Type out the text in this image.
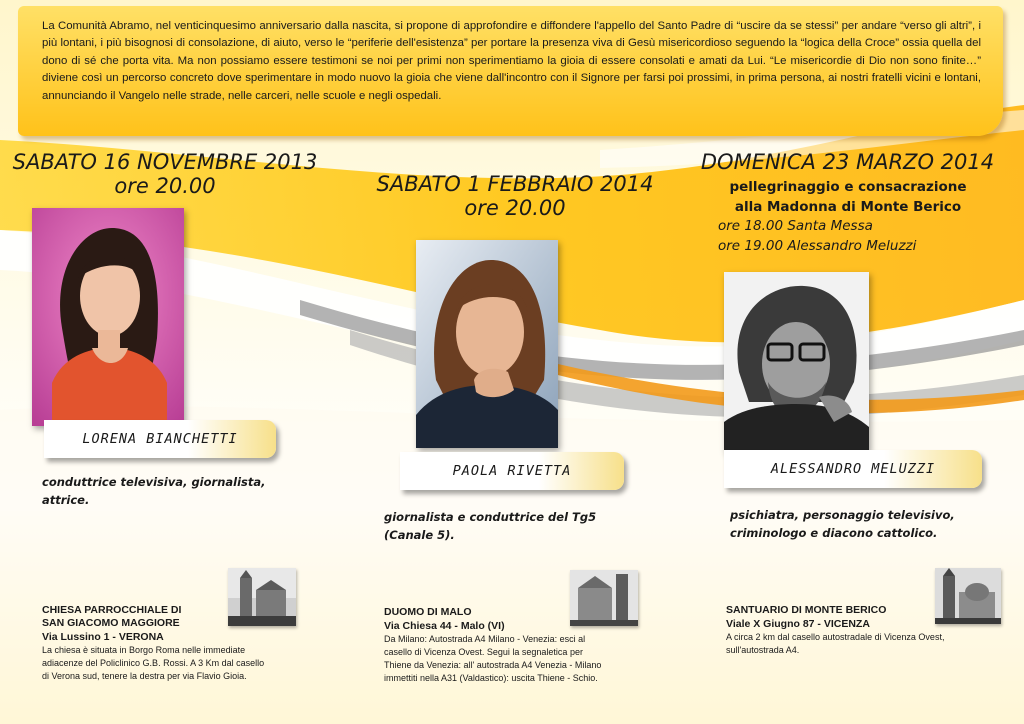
La Comunità Abramo, nel venticinquesimo anniversario dalla nascita, si propone di approfondire e diffondere l'appello del Santo Padre di “uscire da se stessi” per andare “verso gli altri”, i più lontani, i più bisognosi di consolazione, di aiuto, verso le “periferie dell'esistenza” per portare la presenza viva di Gesù misericordioso seguendo la “logica della Croce” ossia quella del dono di sé che porta vita. Ma non possiamo essere testimoni se noi per primi non sperimentiamo la gioia di essere consolati e amati da Lui. “Le misericordie di Dio non sono finite…” diviene così un percorso concreto dove sperimentare in modo nuovo la gioia che viene dall'incontro con il Signore per farsi poi prossimi, in prima persona, ai nostri fratelli vicini e lontani, annunciando il Vangelo nelle strade, nelle carceri, nelle scuole e negli ospedali.

SABATO 16 NOVEMBRE 2013
ore 20.00	SABATO 1 FEBBRAIO 2014
ore 20.00
DOMENICA 23 MARZO 2014
pellegrinaggio e consacrazione
alla Madonna di Monte Berico
ore 18.00 Santa Messa
ore 19.00 Alessandro Meluzzi
LORENA BIANCHETTI
PAOLA RIVETTA	ALESSANDRO MELUZZI
conduttrice televisiva, giornalista, attrice.
giornalista e conduttrice del Tg5
(Canale 5).
psichiatra, personaggio televisivo,
criminologo e diacono cattolico.
CHIESA PARROCCHIALE DI
SAN GIACOMO MAGGIORE
Via Lussino 1 - VERONA
La chiesa è situata in Borgo Roma nelle immediate
adiacenze del Policlinico G.B. Rossi. A 3 Km dal casello
di Verona sud, tenere la destra per via Flavio Gioia.
DUOMO DI MALO
Via Chiesa 44 - Malo (VI)
Da Milano: Autostrada A4 Milano - Venezia: esci al
casello di Vicenza Ovest. Segui la segnaletica per
Thiene da Venezia: all' autostrada A4 Venezia - Milano
immettiti nella A31 (Valdastico): uscita Thiene - Schio.
SANTUARIO DI MONTE BERICO
Viale X Giugno 87 - VICENZA
A circa 2 km dal casello autostradale di Vicenza Ovest,
sull'autostrada A4.
